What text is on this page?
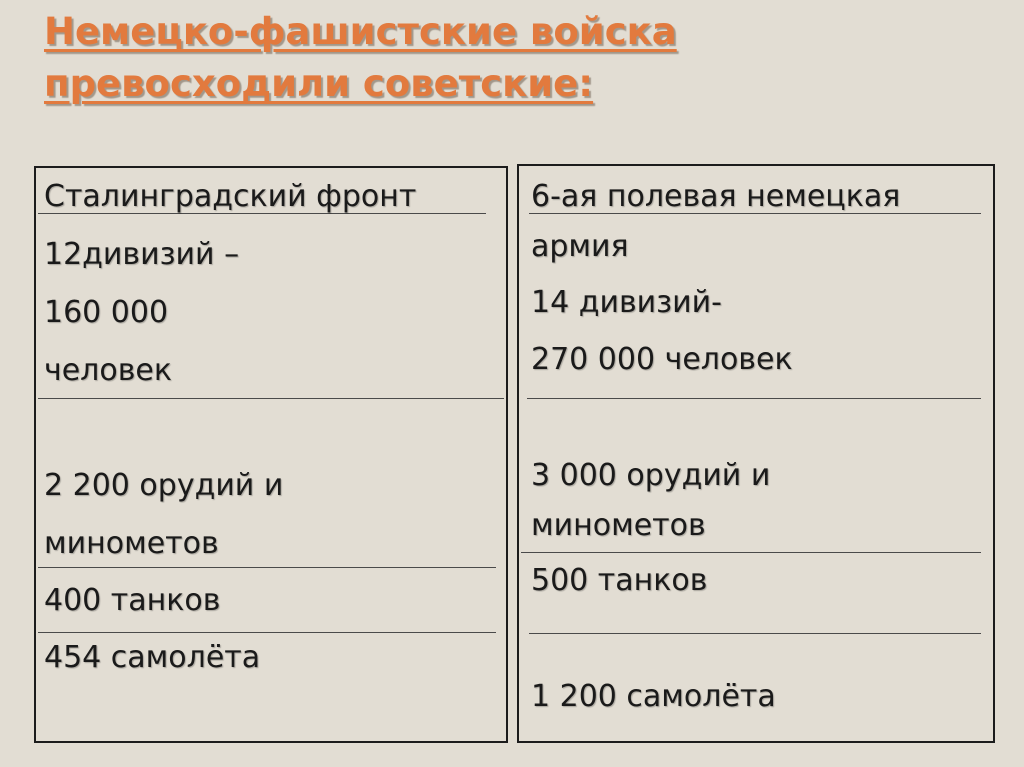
Немецко-фашистские войска
превосходили советские:

Сталинградский фронт

12дивизий –
160 000
человек
2 200 орудий и
минометов

400 танков

454 самолёта

6-ая полевая немецкая
армия

14 дивизий-

270 000 человек

3 000 орудий и
минометов

500 танков

1 200 самолёта
